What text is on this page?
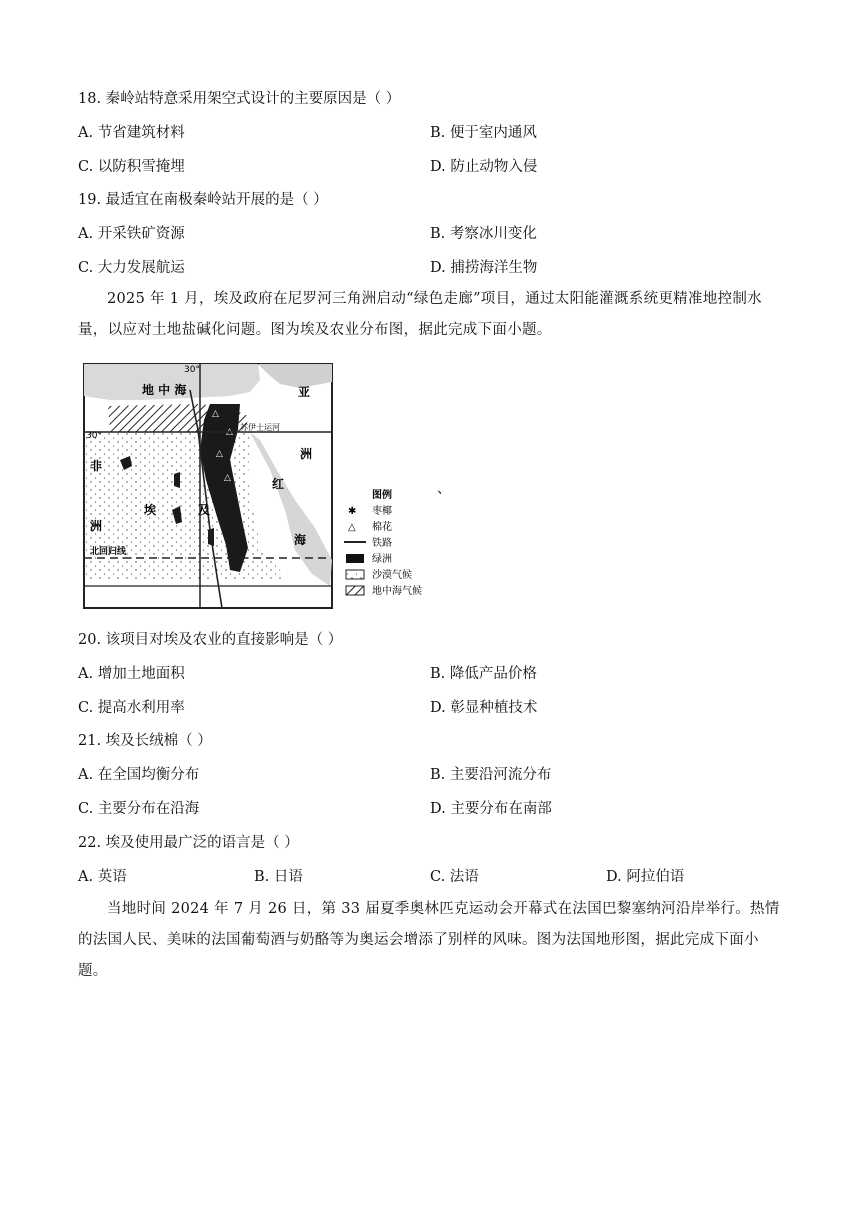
18. 秦岭站特意采用架空式设计的主要原因是（ ）
A. 节省建筑材料	B. 便于室内通风
C. 以防积雪掩埋	D. 防止动物入侵
19. 最适宜在南极秦岭站开展的是（ ）
A. 开采铁矿资源	B. 考察冰川变化
C. 大力发展航运	D. 捕捞海洋生物
2025 年 1 月，埃及政府在尼罗河三角洲启动“绿色走廊”项目，通过太阳能灌溉系统更精准地控制水量，以应对土地盐碱化问题。图为埃及农业分布图，据此完成下面小题。
△
△
△
△
30°
30°
地 中 海	亚
洲
非
洲
埃	及
红
海
苏伊士运河
北回归线
图例
✱ 枣椰
△ 棉花
铁路
绿洲
沙漠气候
地中海气候
、
20. 该项目对埃及农业的直接影响是（ ）
A. 增加土地面积	B. 降低产品价格
C. 提高水利用率	D. 彰显种植技术
21. 埃及长绒棉（ ）
A. 在全国均衡分布	B. 主要沿河流分布
C. 主要分布在沿海	D. 主要分布在南部
22. 埃及使用最广泛的语言是（ ）
A. 英语	B. 日语	C. 法语	D. 阿拉伯语
当地时间 2024 年 7 月 26 日，第 33 届夏季奥林匹克运动会开幕式在法国巴黎塞纳河沿岸举行。热情的法国人民、美味的法国葡萄酒与奶酪等为奥运会增添了别样的风味。图为法国地形图，据此完成下面小题。
